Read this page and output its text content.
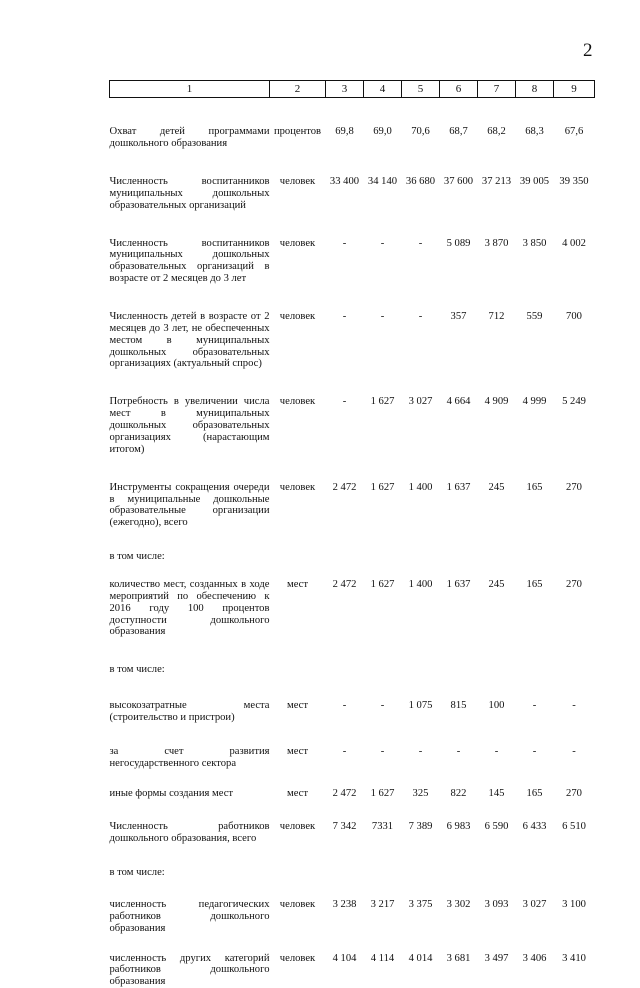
2
1	2	3	4	5	6	7	8	9
Охват детей программами дошкольного образования	процентов	69,8	69,0	70,6	68,7	68,2	68,3	67,6
Численность воспитанников муниципальных дошкольных образовательных организаций	человек	33 400	34 140	36 680	37 600	37 213	39 005	39 350
Численность воспитанников муниципальных дошкольных образовательных организаций в возрасте от 2 месяцев до 3 лет	человек	-	-	-	5 089	3 870	3 850	4 002
Численность детей в возрасте от 2 месяцев до 3 лет, не обеспеченных местом в муниципальных дошкольных образовательных организациях (актуальный спрос)	человек	-	-	-	357	712	559	700
Потребность в увеличении числа мест в муниципальных дошкольных образовательных организациях (нарастающим итогом)	человек	-	1 627	3 027	4 664	4 909	4 999	5 249
Инструменты сокращения очереди в муниципальные дошкольные образовательные организации (ежегодно), всего	человек	2 472	1 627	1 400	1 637	245	165	270
в том числе:								
количество мест, созданных в ходе мероприятий по обеспечению к 2016 году 100 процентов доступности дошкольного образования	мест	2 472	1 627	1 400	1 637	245	165	270
в том числе:								
высокозатратные места (строительство и пристрои)	мест	-	-	1 075	815	100	-	-
за счет развития негосударственного сектора	мест	-	-	-	-	-	-	-
иные формы создания мест	мест	2 472	1 627	325	822	145	165	270
Численность работников дошкольного образования, всего	человек	7 342	7331	7 389	6 983	6 590	6 433	6 510
в том числе:								
численность педагогических работников дошкольного образования	человек	3 238	3 217	3 375	3 302	3 093	3 027	3 100
численность других категорий работников дошкольного образования	человек	4 104	4 114	4 014	3 681	3 497	3 406	3 410
